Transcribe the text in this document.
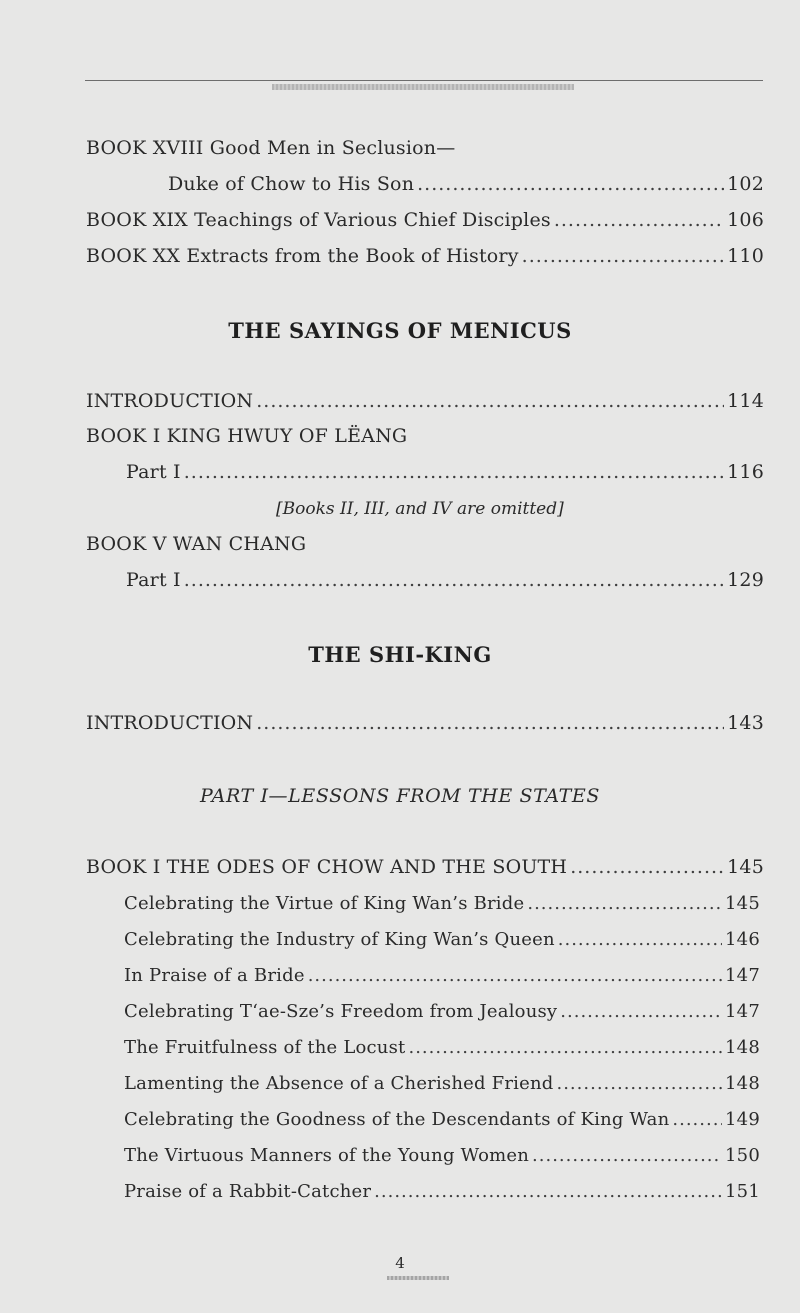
BOOK XVIII Good Men in Seclusion—
Duke of Chow to His Son .....	102
BOOK XIX Teachings of Various Chief Disciples .....	106
BOOK XX Extracts from the Book of History .....	110
THE SAYINGS OF MENICUS
INTRODUCTION .....	114
BOOK I KING HWUY OF LËANG
Part I .....	116
[Books II, III, and IV are omitted]
BOOK V WAN CHANG
Part I .....	129
THE SHI-KING
INTRODUCTION .....	143
PART I—LESSONS FROM THE STATES
BOOK I THE ODES OF CHOW AND THE SOUTH .....	145
Celebrating the Virtue of King Wan’s Bride .....	145
Celebrating the Industry of King Wan’s Queen .....	146
In Praise of a Bride .....	147
Celebrating T‘ae-Sze’s Freedom from Jealousy .....	147
The Fruitfulness of the Locust .....	148
Lamenting the Absence of a Cherished Friend .....	148
Celebrating the Goodness of the Descendants of King Wan .....	149
The Virtuous Manners of the Young Women .....	150
Praise of a Rabbit-Catcher .....	151
4
